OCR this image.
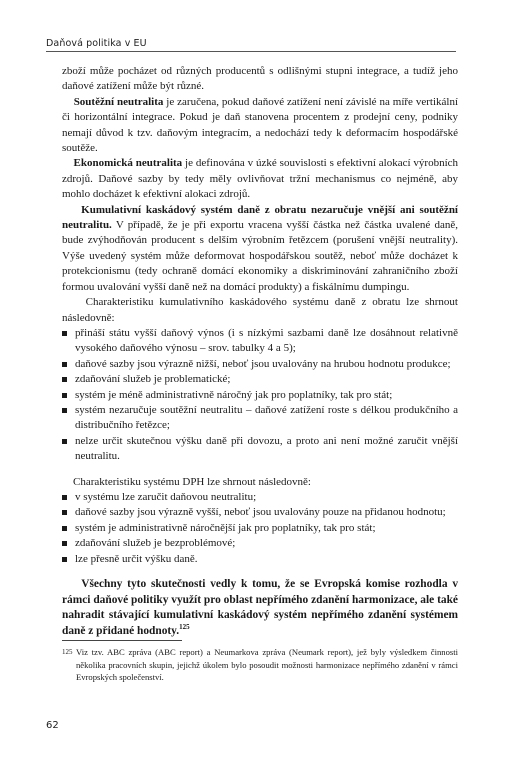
Daňová politika v EU

zboží může pocházet od různých producentů s odlišnými stupni integrace, a tudíž jeho daňové zatížení může být různé.

Soutěžní neutralita je zaručena, pokud daňové zatížení není závislé na míře vertikální či horizontální integrace. Pokud je daň stanovena procentem z prodejní ceny, podniky nemají důvod k tzv. daňovým integracím, a nedochází tedy k deformacím hospodářské soutěže.

Ekonomická neutralita je definována v úzké souvislosti s efektivní alokací výrobních zdrojů. Daňové sazby by tedy měly ovlivňovat tržní mechanismus co nejméně, aby mohlo docházet k efektivní alokaci zdrojů.

Kumulativní kaskádový systém daně z obratu nezaručuje vnější ani soutěžní neutralitu. V případě, že je při exportu vracena vyšší částka než částka uvalené daně, bude zvýhodňován producent s delším výrobním řetězcem (porušení vnější neutrality). Výše uvedený systém může deformovat hospodářskou soutěž, neboť může docházet k protekcionismu (tedy ochraně domácí ekonomiky a diskriminování zahraničního zboží formou uvalování vyšší daně než na domácí produkty) a fiskálnímu dumpingu.

Charakteristiku kumulativního kaskádového systému daně z obratu lze shrnout následovně:

přináší státu vyšší daňový výnos (i s nízkými sazbami daně lze dosáhnout relativně vysokého daňového výnosu – srov. tabulky 4 a 5);
daňové sazby jsou výrazně nižší, neboť jsou uvalovány na hrubou hodnotu produkce;
zdaňování služeb je problematické;
systém je méně administrativně náročný jak pro poplatníky, tak pro stát;
systém nezaručuje soutěžní neutralitu – daňové zatížení roste s délkou produkčního a distribučního řetězce;
nelze určit skutečnou výšku daně při dovozu, a proto ani není možné zaručit vnější neutralitu.

Charakteristiku systému DPH lze shrnout následovně:

v systému lze zaručit daňovou neutralitu;
daňové sazby jsou výrazně vyšší, neboť jsou uvalovány pouze na přidanou hodnotu;
systém je administrativně náročnější jak pro poplatníky, tak pro stát;
zdaňování služeb je bezproblémové;
lze přesně určit výšku daně.

Všechny tyto skutečnosti vedly k tomu, že se Evropská komise rozhodla v rámci daňové politiky využít pro oblast nepřímého zdanění harmonizace, ale také nahradit stávající kumulativní kaskádový systém nepřímého zdanění systémem daně z přidané hodnoty.$^{125}$

125 Viz tzv. ABC zpráva (ABC report) a Neumarkova zpráva (Neumark report), jež byly výsledkem činnosti několika pracovních skupin, jejichž úkolem bylo posoudit možnosti harmonizace nepřímého zdanění v rámci Evropských společenství.
62
